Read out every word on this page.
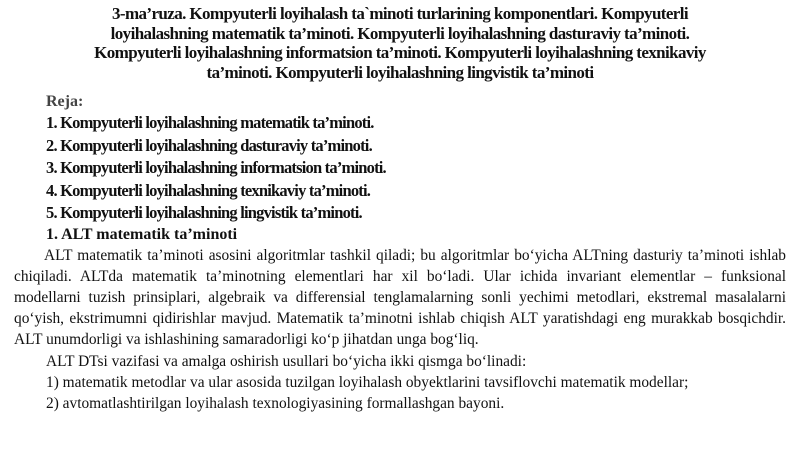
3-ma’ruza. Kompyuterli loyihalash ta`minoti turlarining komponentlari. Kompyuterli
loyihalashning matematik ta’minoti. Kompyuterli loyihalashning dasturaviy ta’minoti.
Kompyuterli loyihalashning informatsion ta’minoti. Kompyuterli loyihalashning texnikaviy
ta’minoti. Kompyuterli loyihalashning lingvistik ta’minoti
Reja:
1. Kompyuterli loyihalashning matematik ta’minoti.
2. Kompyuterli loyihalashning dasturaviy ta’minoti.
3. Kompyuterli loyihalashning informatsion ta’minoti.
4. Kompyuterli loyihalashning texnikaviy ta’minoti.
5. Kompyuterli loyihalashning lingvistik ta’minoti.
1. ALT matematik ta’minoti

ALT matematik ta’minoti asosini algoritmlar tashkil qiladi; bu algoritmlar bo‘yicha ALTning dasturiy ta’minoti ishlab chiqiladi. ALTda matematik ta’minotning elementlari har xil bo‘ladi. Ular ichida invariant elementlar – funksional modellarni tuzish prinsiplari, algebraik va differensial tenglamalarning sonli yechimi metodlari, ekstremal masalalarni qo‘yish, ekstrimumni qidirishlar mavjud. Matematik ta’minotni ishlab chiqish ALT yaratishdagi eng murakkab bosqichdir. ALT unumdorligi va ishlashining samaradorligi ko‘p jihatdan unga bog‘liq.

ALT DTsi vazifasi va amalga oshirish usullari bo‘yicha ikki qismga bo‘linadi:

1) matematik metodlar va ular asosida tuzilgan loyihalash obyektlarini tavsiflovchi matematik modellar;

2) avtomatlashtirilgan loyihalash texnologiyasining formallashgan bayoni.
